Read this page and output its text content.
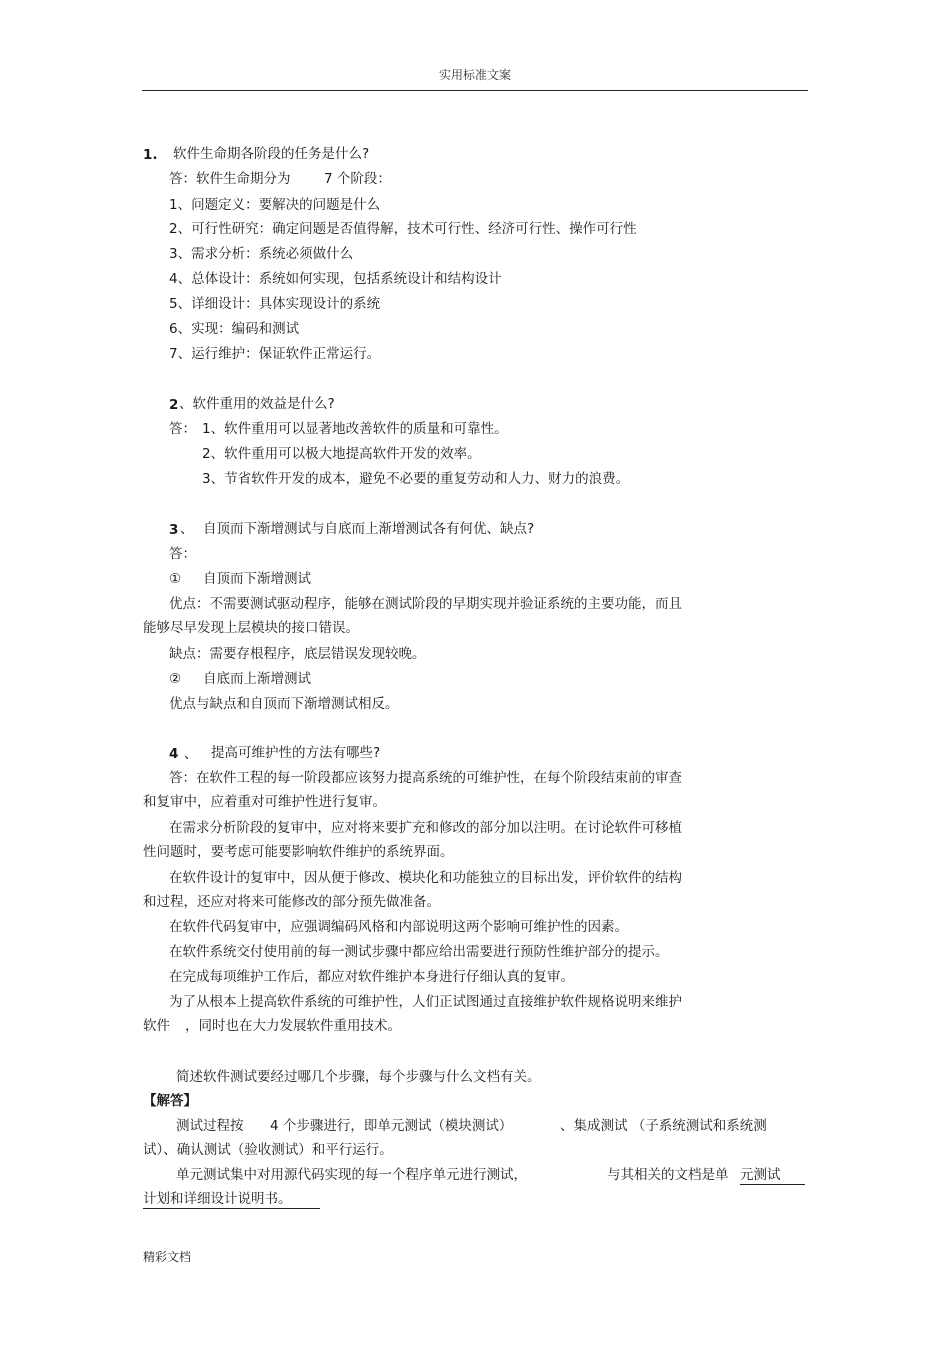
实用标准文案
1. 软件生命期各阶段的任务是什么?
答：软件生命期分为 7 个阶段：
1、问题定义：要解决的问题是什么
2、可行性研究：确定问题是否值得解，技术可行性、经济可行性、操作可行性
3、需求分析：系统必须做什么
4、总体设计：系统如何实现，包括系统设计和结构设计
5、详细设计：具体实现设计的系统
6、实现：编码和测试
7、运行维护：保证软件正常运行。
2 、软件重用的效益是什么?
答： 1、软件重用可以显著地改善软件的质量和可靠性。
2、软件重用可以极大地提高软件开发的效率。
3、节省软件开发的成本，避免不必要的重复劳动和人力、财力的浪费。
3 、 自顶而下渐增测试与自底而上渐增测试各有何优、缺点?
答：
① 自顶而下渐增测试
优点：不需要测试驱动程序，能够在测试阶段的早期实现并验证系统的主要功能，而且
能够尽早发现上层模块的接口错误。
缺点：需要存根程序，底层错误发现较晚。
② 自底而上渐增测试
优点与缺点和自顶而下渐增测试相反。
4 、 提高可维护性的方法有哪些?
答：在软件工程的每一阶段都应该努力提高系统的可维护性，在每个阶段结束前的审查
和复审中，应着重对可维护性进行复审。
在需求分析阶段的复审中，应对将来要扩充和修改的部分加以注明。在讨论软件可移植
性问题时，要考虑可能要影响软件维护的系统界面。
在软件设计的复审中，因从便于修改、模块化和功能独立的目标出发，评价软件的结构
和过程，还应对将来可能修改的部分预先做准备。
在软件代码复审中，应强调编码风格和内部说明这两个影响可维护性的因素。
在软件系统交付使用前的每一测试步骤中都应给出需要进行预防性维护部分的提示。
在完成每项维护工作后，都应对软件维护本身进行仔细认真的复审。
为了从根本上提高软件系统的可维护性，人们正试图通过直接维护软件规格说明来维护
软件 ，同时也在大力发展软件重用技术。
简述软件测试要经过哪几个步骤，每个步骤与什么文档有关。
【解答】
测试过程按 4 个步骤进行，即单元测试（模块测试）	、集成测试 （子系统测试和系统测
试）、确认测试（验收测试）和平行运行。
单元测试集中对用源代码实现的每一个程序单元进行测试，	与其相关的文档是单 元测试
计划和详细设计说明书。
精彩文档
